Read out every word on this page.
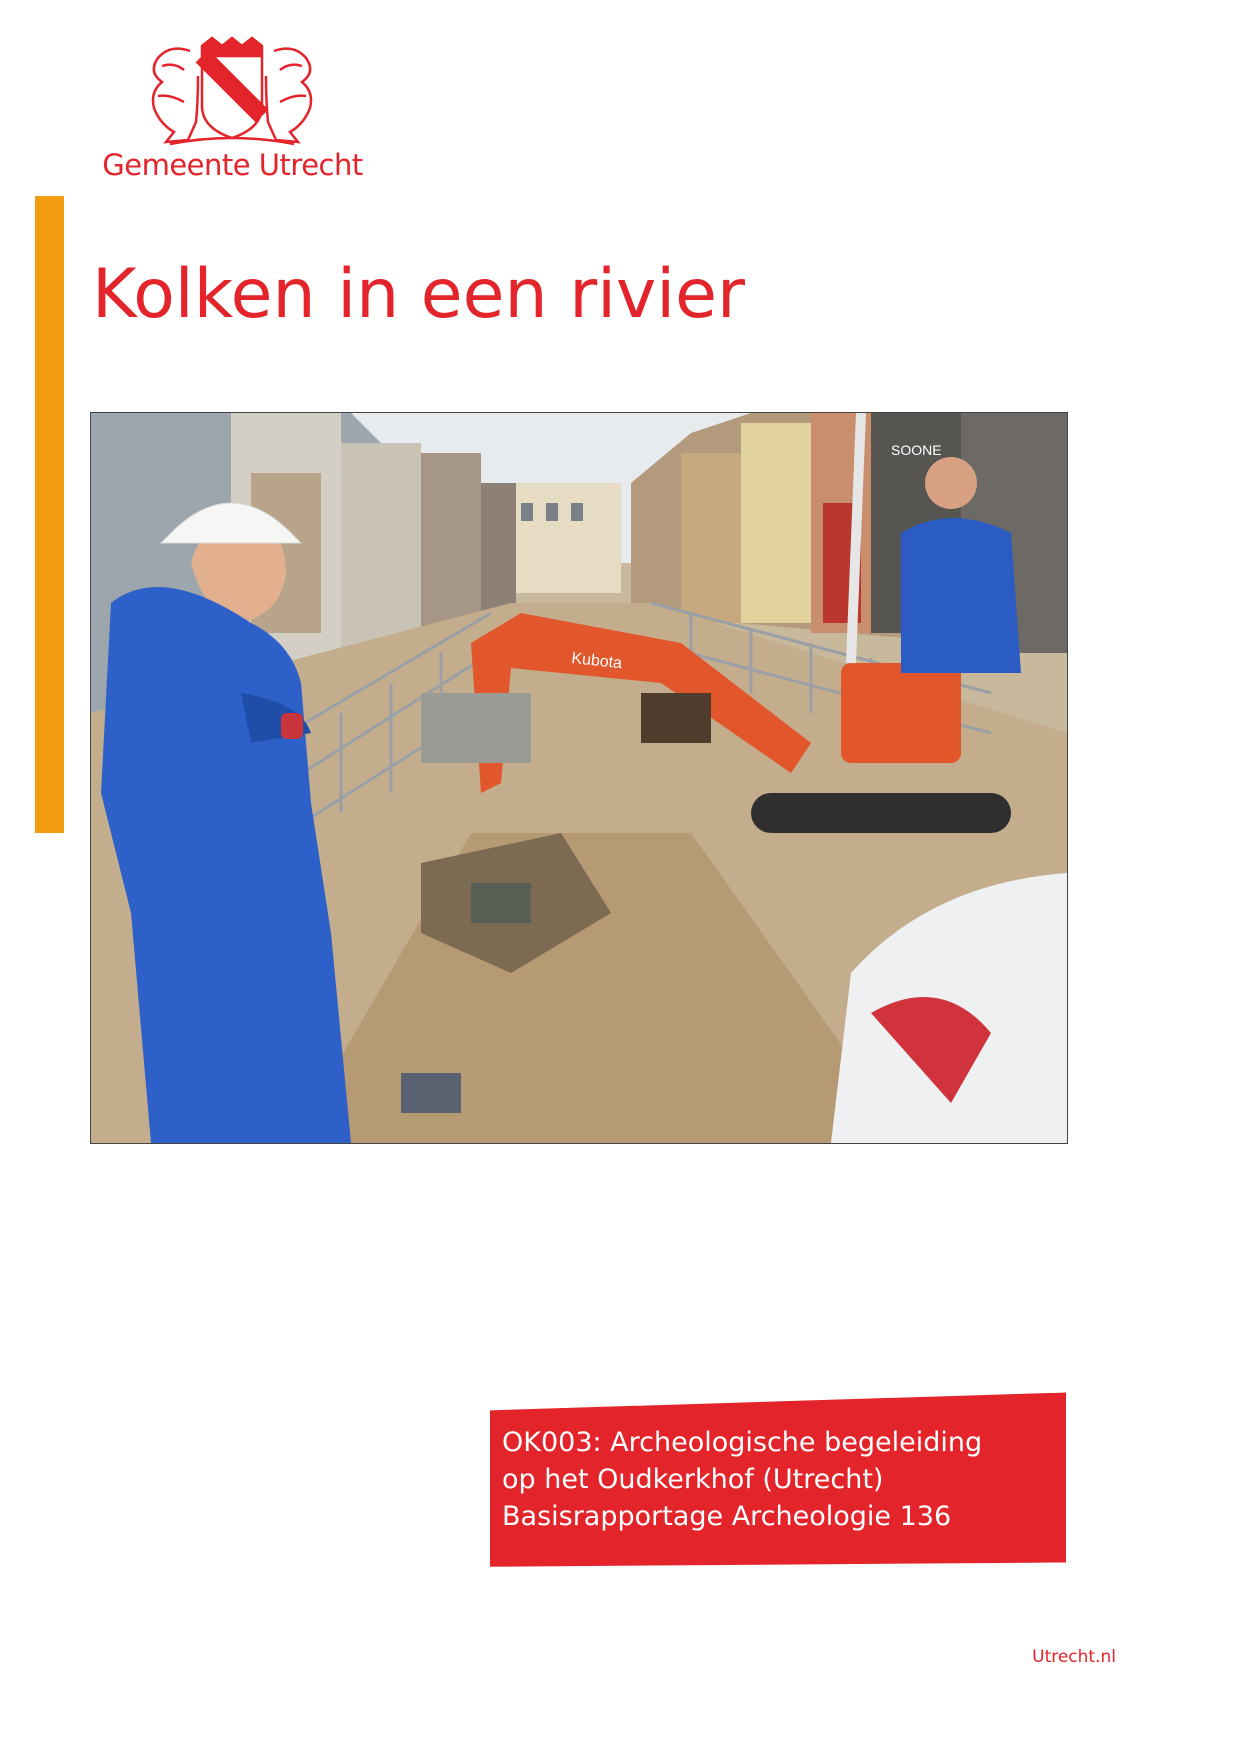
Gemeente Utrecht
Kolken in een rivier
SOONE
Kubota
OK003: Archeologische begeleiding
op het Oudkerkhof (Utrecht)
Basisrapportage Archeologie 136
Utrecht.nl
